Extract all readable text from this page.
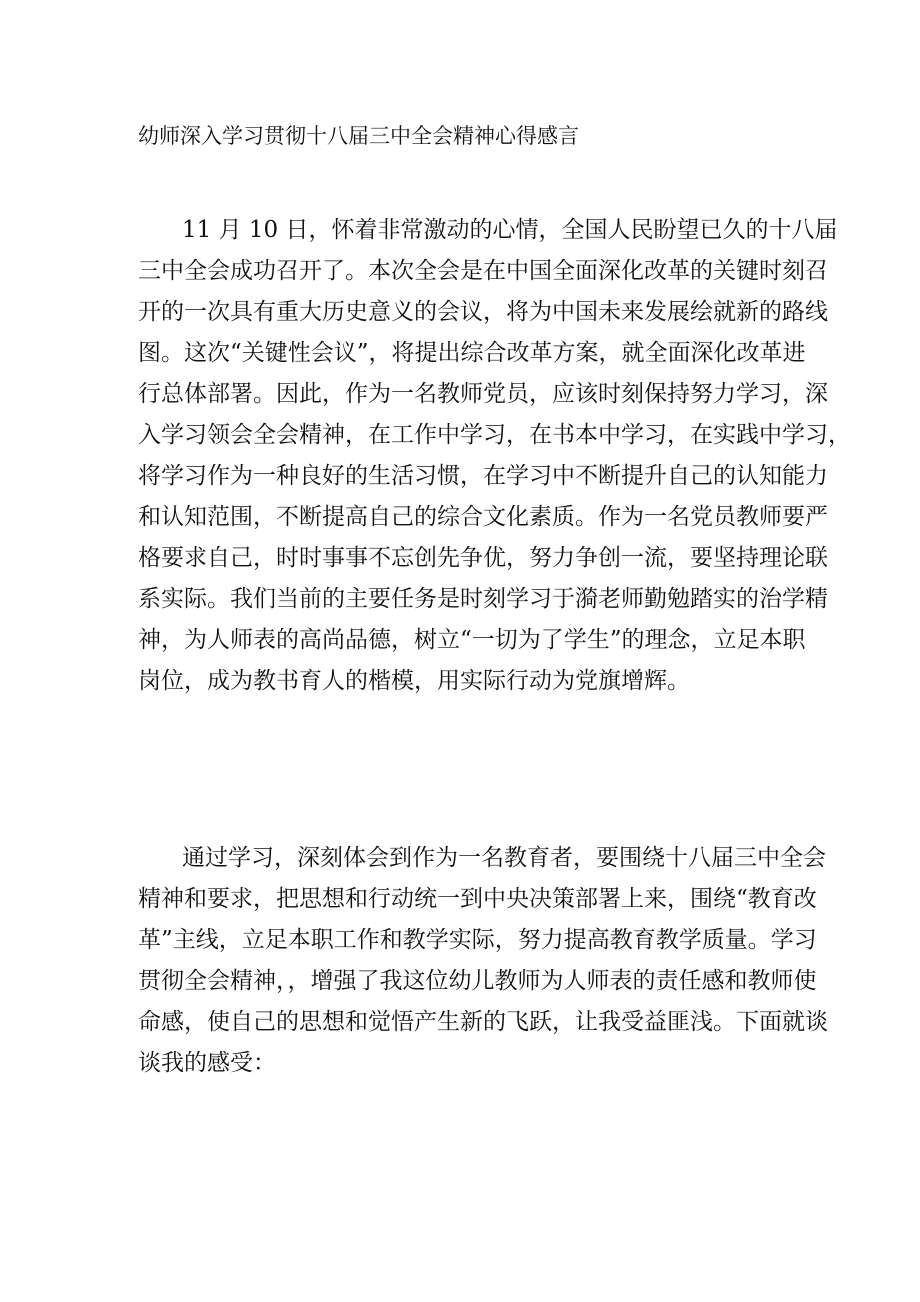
幼师深入学习贯彻十八届三中全会精神心得感言

11 月 10 日，怀着非常激动的心情，全国人民盼望已久的十八届
三中全会成功召开了。本次全会是在中国全面深化改革的关键时刻召
开的一次具有重大历史意义的会议，将为中国未来发展绘就新的路线
图。这次“关键性会议”，将提出综合改革方案，就全面深化改革进
行总体部署。因此，作为一名教师党员，应该时刻保持努力学习，深
入学习领会全会精神，在工作中学习，在书本中学习，在实践中学习，
将学习作为一种良好的生活习惯，在学习中不断提升自己的认知能力
和认知范围，不断提高自己的综合文化素质。作为一名党员教师要严
格要求自己，时时事事不忘创先争优，努力争创一流，要坚持理论联
系实际。我们当前的主要任务是时刻学习于漪老师勤勉踏实的治学精
神，为人师表的高尚品德，树立“一切为了学生”的理念，立足本职
岗位，成为教书育人的楷模，用实际行动为党旗增辉。

通过学习，深刻体会到作为一名教育者，要围绕十八届三中全会
精神和要求，把思想和行动统一到中央决策部署上来，围绕“教育改
革”主线，立足本职工作和教学实际，努力提高教育教学质量。学习
贯彻全会精神，，增强了我这位幼儿教师为人师表的责任感和教师使
命感，使自己的思想和觉悟产生新的飞跃，让我受益匪浅。下面就谈
谈我的感受：
